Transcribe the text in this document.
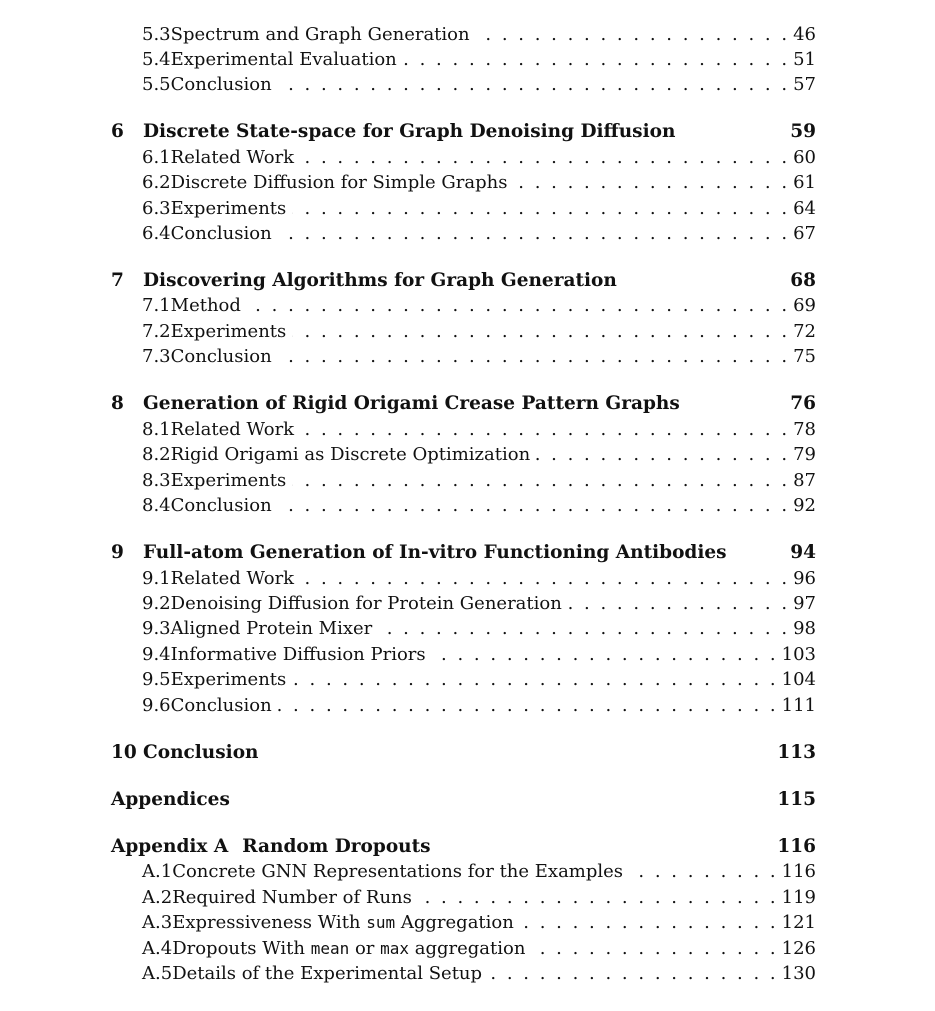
5.3 Spectrum and Graph Generation . . .	46
5.4 Experimental Evaluation . . .	51
5.5 Conclusion . . .	57
6	Discrete State-space for Graph Denoising Diffusion	59
6.1 Related Work . . .	60
6.2 Discrete Diffusion for Simple Graphs . . .	61
6.3 Experiments . . .	64
6.4 Conclusion . . .	67
7	Discovering Algorithms for Graph Generation	68
7.1 Method . . .	69
7.2 Experiments . . .	72
7.3 Conclusion . . .	75
8	Generation of Rigid Origami Crease Pattern Graphs	76
8.1 Related Work . . .	78
8.2 Rigid Origami as Discrete Optimization . . .	79
8.3 Experiments . . .	87
8.4 Conclusion . . .	92
9	Full-atom Generation of In-vitro Functioning Antibodies	94
9.1 Related Work . . .	96
9.2 Denoising Diffusion for Protein Generation . . .	97
9.3 Aligned Protein Mixer . . .	98
9.4 Informative Diffusion Priors . . .	103
9.5 Experiments . . .	104
9.6 Conclusion . . .	111
10 Conclusion	113
Appendices	115
Appendix A Random Dropouts	116
A.1 Concrete GNN Representations for the Examples . . .	116
A.2 Required Number of Runs . . .	119
A.3 Expressiveness With sum Aggregation . . .	121
A.4 Dropouts With mean or max aggregation . . .	126
A.5 Details of the Experimental Setup . . .	130
